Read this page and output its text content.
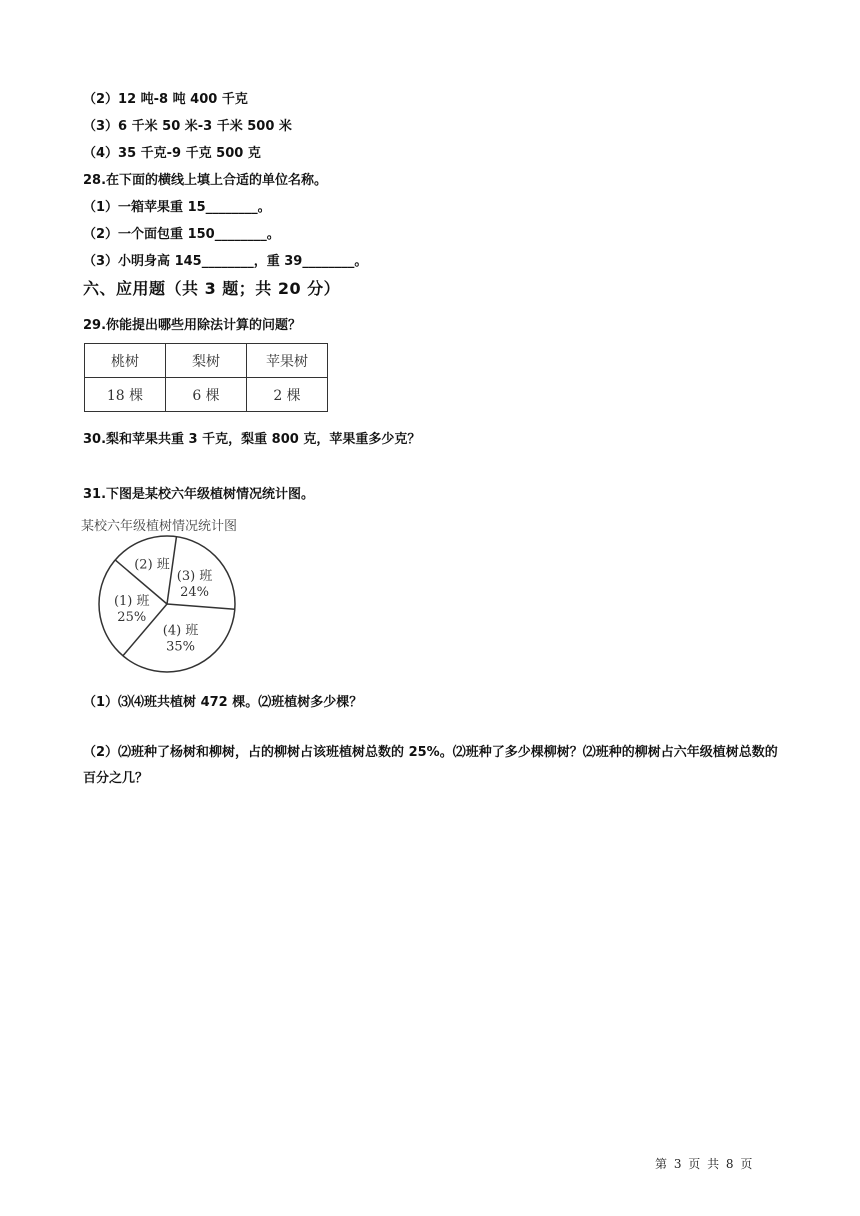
（2）12 吨-8 吨 400 千克
（3）6 千米 50 米-3 千米 500 米
（4）35 千克-9 千克 500 克
28.在下面的横线上填上合适的单位名称。
（1）一箱苹果重 15________。
（2）一个面包重 150________。
（3）小明身高 145________，重 39________。
六、应用题（共 3 题；共 20 分）
29.你能提出哪些用除法计算的问题？
桃树	梨树	苹果树
18 棵	6 棵	2 棵
30.梨和苹果共重 3 千克，梨重 800 克，苹果重多少克？
31.下图是某校六年级植树情况统计图。
某校六年级植树情况统计图
(3) 班
24%
(4) 班
35%
(1) 班
25%
(2) 班
（1）⑶⑷班共植树 472 棵。⑵班植树多少棵？
（2）⑵班种了杨树和柳树，占的柳树占该班植树总数的 25%。⑵班种了多少棵柳树？⑵班种的柳树占六年级植树总数的百分之几？
第 3 页 共 8 页
